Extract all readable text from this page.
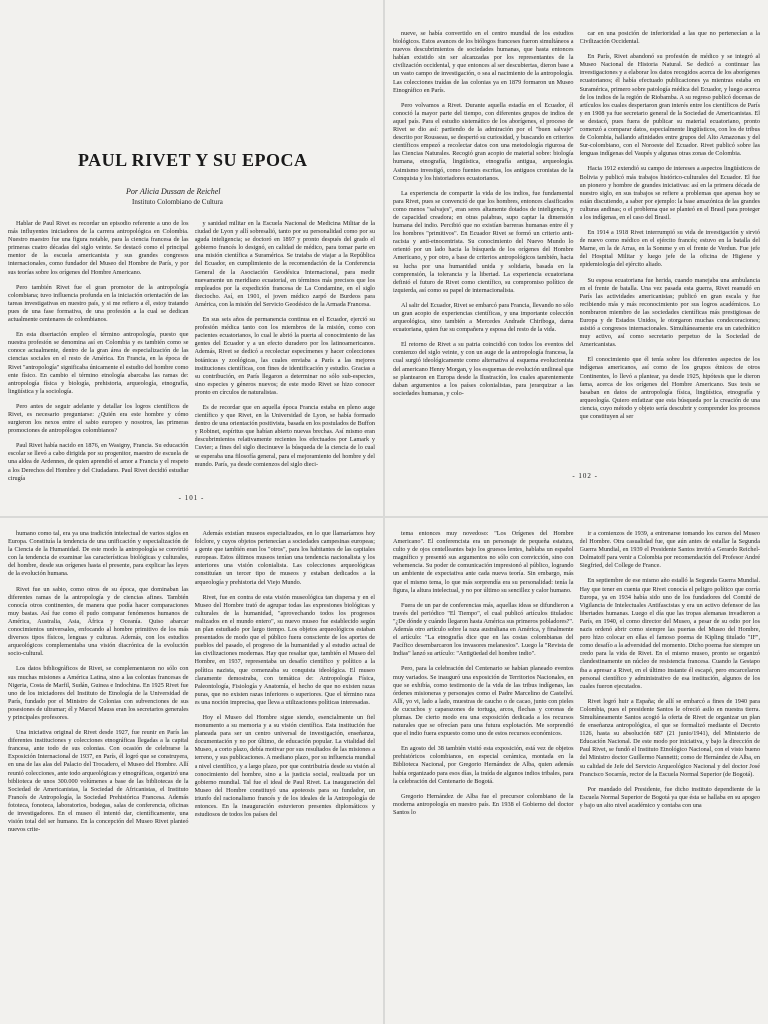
PAUL RIVET Y SU EPOCA
Por Alicia Dussan de Reichel
Instituto Colombiano de Cultura

Hablar de Paul Rivet es recordar un episodio referente a uno de los más influyentes iniciadores de la carrera antropológica en Colombia. Nuestro maestro fue una figura notable, para la ciencia francesa de las primeras cuatro décadas del siglo veinte. Se destacó como el principal mentor de la escuela americanista y sus grandes congresos internacionales, como fundador del Museo del Hombre de París, y por sus teorías sobre los orígenes del Hombre Americano.

Pero también Rivet fue el gran promotor de la antropología colombiana; tuvo influencia profunda en la iniciación orientación de las tareas investigativas en nuestro país, y si me refiero a él, estoy tratando pues de una fase formativa, de una profesión a la cual se dedican actualmente centenares de colombianos.

En esta disertación empleo el término antropología, puesto que nuestra profesión se denomina así en Colombia y es también como se conoce actualmente, dentro de la gran área de especialización de las ciencias sociales en el resto de América. En Francia, en la época de Rivet "antropología" significaba únicamente el estudio del hombre como ente físico. En cambio el término etnología abarcaba las ramas de: antropología física y biología, prehistoria, arqueología, etnografía, lingüística y la sociología.

Pero antes de seguir adelante y detallar los logros científicos de Rivet, es necesario preguntarse: ¿Quién era este hombre y cómo surgieron los nexos entre el sabio europeo y nosotros, las primeras promociones de antropólogos colombianos?

Paul Rivet había nacido en 1876, en Wasigny, Francia. Su educación escolar se llevó a cabo dirigida por su progenitor, maestro de escuela de una aldea de Ardennes, de quien aprendió el amor a Francia y el respeto a los Derechos del Hombre y del Ciudadano. Paul Rivet decidió estudiar cirugía

y sanidad militar en la Escuela Nacional de Medicina Militar de la ciudad de Lyon y allí sobresalió, tanto por su personalidad como por su aguda inteligencia; se doctoró en 1897 y pronto después del grado el gobierno francés lo designó, en calidad de médico, para tomar parte en una misión científica a Suramérica. Se trataba de viajar a la República del Ecuador, en cumplimiento de la recomendación de la Conferencia General de la Asociación Geodésica Internacional, para medir nuevamente un meridiano ecuatorial, en términos más precisos que los empleados por la expedición francesa de La Condamine, en el siglo dieciocho. Así, en 1901, el joven médico zarpó de Burdeos para América, con la misión del Servicio Geodésico de la Armada Francesa.

En sus seis años de permanencia continua en el Ecuador, ejerció su profesión médica tanto con los miembros de la misión, como con pacientes ecuatorianos, lo cual le abrió la puerta al conocimiento de las gentes del Ecuador y a un efecto duradero por los latinoamericanos. Además, Rivet se dedicó a recolectar especímenes y hacer colecciones botánicas y zoológicas, las cuales enviaba a París a las mejores instituciones científicas, con fines de identificación y estudio. Gracias a su contribución, en París llegaron a determinar no sólo sub-especies, sino especies y géneros nuevos; de este modo Rivet se hizo conocer pronto en círculos de naturalistas.

Es de recordar que en aquella época Francia estaba en pleno auge científico y que Rivet, en la Universidad de Lyon, se había formado dentro de una orientación positivista, basada en los postulados de Buffon y Robinet, espíritus que habían abierto nuevas brechas. Así mismo eran descubrimientos relativamente recientes los efectuados por Lamark y Cuvier; a fines del siglo diecinueve la búsqueda de la ciencia de lo cual se esperaba una filosofía general, para el mejoramiento del hombre y del mundo. París, ya desde comienzos del siglo dieci-

- 101 -

nueve, se había convertido en el centro mundial de los estudios biológicos. Estos avances de los biólogos franceses fueron simultáneos a nuevos descubrimientos de sociedades humanas, que hasta entonces habían existido sin ser alcanzadas por los representantes de la civilización occidental, y que entonces al ser descubiertas, dieron base a un vasto campo de investigación, o sea al nacimiento de la antropología. Las colecciones traídas de las colonias ya en 1879 formaron un Museo Etnográfico en París.

Pero volvamos a Rivet. Durante aquella estadía en el Ecuador, él conoció la mayor parte del tiempo, con diferentes grupos de indios de aquel país. Para el estudio sistemático de los aborígenes, el proceso de Rivet se dio así: partiendo de la admiración por el "buen salvaje" descrito por Rousseau, se despertó su curiosidad, y buscando en criterios científicos empezó a recolectar datos con una metodología rigurosa de las Ciencias Naturales. Recogió gran acopio de material sobre: biología humana, etnografía, lingüística, etnografía antigua, arqueología. Asimismo investigó, como fuentes escritas, los antiguos cronistas de la Conquista y los historiadores ecuatorianos.

La experiencia de compartir la vida de los indios, fue fundamental para Rivet, pues se convenció de que los hombres, entonces clasificados como menos "salvajes", eran seres altamente dotados de inteligencia, y de capacidad creadora; en otras palabras, supo captar la dimensión humana del indio. Percibió que no existían barreras humanas entre él y los hombres "primitivos". En Ecuador Rivet se formó un criterio anti-racista y anti-etnocentrista. Su conocimiento del Nuevo Mundo lo orientó por un lado hacia la búsqueda de los orígenes del Hombre Americano, y por otro, a base de criterios antropológicos también, hacia su lucha por una humanidad unida y solidaria, basada en la comprensión, la tolerancia y la libertad. La experiencia ecuatoriana definió el futuro de Rivet como científico, su compromiso político de izquierda, así como su papel de internacionalista.

Al salir del Ecuador, Rivet se embarcó para Francia, llevando no sólo un gran acopio de experiencias científicas, y una importante colección arqueológica, sino también a Mercedes Andrade Chiriboga, dama ecuatoriana, quien fue su compañera y esposa del resto de la vida.

El retorno de Rivet a su patria coincidió con todos los eventos del comienzo del siglo veinte, y con un auge de la antropología francesa, la cual surgió ideológicamente como alternativa al esquema evolucionista del americano Henry Morgan, y los esquemas de evolución unilineal que se plantearon en Europa desde la Ilustración, los cuales aparentemente daban argumentos a los países colonialistas, para jerarquizar a las sociedades humanas, y colo-

car en una posición de inferioridad a las que no pertenecían a la Civilización Occidental.

En París, Rivet abandonó su profesión de médico y se integró al Museo Nacional de Historia Natural. Se dedicó a continuar las investigaciones y a elaborar los datos recogidos acerca de los aborígenes ecuatorianos; él había efectuado publicaciones ya mientras estaba en Suramérica, primero sobre patología médica del Ecuador, y luego acerca de los indios de la región de Riobamba. A su regreso publicó docenas de artículos los cuales despertaron gran interés entre los científicos de París y en 1908 ya fue secretario general de la Sociedad de Americanistas. El se destacó, pues fuera de publicar su material ecuatoriano, pronto comenzó a comparar datos, especialmente lingüísticos, con los de tribus de Colombia, hallando afinidades entre grupos del Alto Amazonas y del Sur-colombiano, con el Noroeste del Ecuador. Rivet publicó sobre las lenguas indígenas del Vaupés y algunas otras zonas de Colombia.

Hacia 1912 extendió su campo de intereses a aspectos lingüísticos de Bolivia y publicó más trabajos histórico-culturales del Ecuador. El fue un pionero y hombre de grandes iniciativas: así en la primera década de nuestro siglo, en sus trabajos se refiere a problemas que apenas hoy se están discutiendo, a saber por ejemplo: la base amazónica de las grandes culturas andinas; o el problema que se planteó en el Brasil para proteger a los indígenas, en el caso del Brasil.

En 1914 a 1918 Rivet interrumpió su vida de investigación y sirvió de nuevo como médico en el ejército francés; estuvo en la batalla del Marne, en la de Arras, en la Somme y en el frente de Verdun. Fue jefe del Hospital Militar y luego jefe de la oficina de Higiene y epidemiología del ejército aliado.

Su esposa ecuatoriana fue herida, cuando manejaba una ambulancia en el frente de batalla. Una vez pasada esta guerra, Rivet reanudó en París las actividades americanistas; publicó en gran escala y fue recibiendo más y más reconocimiento por sus logros académicos. Lo nombraron miembro de las sociedades científicas más prestigiosas de Europa y de Estados Unidos, le otorgaron muchas condecoraciones; asistió a congresos internacionales. Simultáneamente era un catedrático muy activo, así como secretario perpetuo de la Sociedad de Americanistas.

El conocimiento que él tenía sobre los diferentes aspectos de los indígenas americanos, así como de los grupos étnicos de otros Continentes, lo llevó a plantear, ya desde 1925, hipótesis que le dieron fama, acerca de los orígenes del Hombre Americano. Sus tesis se basaban en datos de antropología física, lingüística, etnografía y arqueología. Quiero enfatizar que esta búsqueda por la creación de una ciencia, cuyo método y objeto sería descubrir y comprender los procesos que constituyen al ser

- 102 -

humano como tal, era ya una tradición intelectual de varios siglos en Europa. Constituía la tendencia de una unificación y especialización de la Ciencia de la Humanidad. De este modo la antropología se convirtió con la tendencia de examinar las características biológicas y culturales, del hombre, desde sus orígenes hasta el presente, para explicar las leyes de la evolución humana.

Rivet fue un sabio, como otros de su época, que dominaban las diferentes ramas de la antropología y de ciencias afines. También conocía otros continentes, de manera que podía hacer comparaciones muy bastas. Así fue como él pudo comparar fenómenos humanos de América, Australia, Asia, África y Oceanía. Quiso abarcar conocimientos universales, enfocando al hombre primitivo de los más diversos tipos físicos, lenguas y culturas. Además, con los estudios arqueológicos complementaba una visión diacrónica de la evolución socio-cultural.

Los datos bibliográficos de Rivet, se complementaron no sólo con sus muchas misiones a América Latina, sino a las colonias francesas de Nigeria, Costa de Marfil, Sudán, Guinea e Indochina. En 1925 Rivet fue uno de los iniciadores del Instituto de Etnología de la Universidad de París, fundado por el Ministro de Colonias con subvenciones de sus posesiones de ultramar; él y Marcel Mauss eran los secretarios generales y principales profesores.

Una iniciativa original de Rivet desde 1927, fue reunir en París las diferentes instituciones y colecciones etnográficas llegadas a la capital francesa, ante todo de sus colonias. Con ocasión de celebrarse la Exposición Internacional de 1937, en París, él logró que se construyera, en una de las alas del Palacio del Trocadero, el Museo del Hombre. Allí reunió colecciones, ante todo arqueológicas y etnográficas, organizó una biblioteca de unos 300.000 volúmenes a base de las bibliotecas de la Sociedad de Americanistas, la Sociedad de Africanistas, el Instituto Francés de Antropología, la Sociedad Prehistórica Francesa. Además fototeca, fonoteca, laboratorios, bodegas, salas de conferencia, oficinas de investigadores. En el museo él intentó dar, científicamente, una visión total del ser humano. En la concepción del Museo Rivet planteó nuevos crite-

Además existían museos especializados, en lo que llamaríamos hoy folclore, y cuyos objetos pertenecían a sociedades campesinas europeas; a gente que también eran los "otros", para los habitantes de las capitales europeas. Estos últimos museos tenían una tendencia nacionalista y los anteriores una visión colonialista. Las colecciones arqueológicas constituían un tercer tipo de museos y estaban dedicados a la arqueología y prehistoria del Viejo Mundo.

Rivet, fue en contra de esta visión museológica tan dispersa y en el Museo del Hombre trató de agrupar todas las expresiones biológicas y culturales de la humanidad, "aprovechando todos los progresos realizados en el mundo entero", su nuevo museo fue establecido según un plan estudiado por largo tiempo. Los objetos arqueológicos estaban presentados de modo que el público fuera consciente de los aportes de pueblos del pasado, el progreso de la humanidad y al estudio actual de las civilizaciones modernas. Hay que resaltar que, también el Museo del Hombre, en 1937, representaba un desafío científico y político a la política nazista, que comenzaba su conquista ideológica. El museo claramente demostraba, con temática de: Antropología Física, Paleontología, Fisiología y Anatomía, el hecho de que no existen razas puras, que no existen razas inferiores o superiores. Que el término raza es una noción imprecisa, que lleva a utilizaciones políticas interesadas.

Hoy el Museo del Hombre sigue siendo, esencialmente un fiel monumento a su memoria y a su visión científica. Esta institución fue planeada para ser un centro universal de investigación, enseñanza, documentación y no por último, de educación popular. La vitalidad del Museo, a corto plazo, debía motivar por sus resultados de las misiones a terreno, y sus publicaciones. A mediano plazo, por su influencia mundial a nivel científico, y a largo plazo, por que contribuiría desde su visión al conocimiento del hombre, sino a la justicia social, realizada por un gobierno mundial. Tal fue el ideal de Paul Rivet. La inauguración del Museo del Hombre constituyó una apoteosis para su fundador, un triunfo del racionalismo francés y de los ideales de la Antropología de entonces. En la inauguración estuvieron presentes diplomáticos y estudiosos de todos los países del

tema entonces muy novedoso: "Los Orígenes del Hombre Americano". El conferencista era un personaje de pequeña estatura, culto y de ojos centelleantes bajo los gruesos lentes, hablaba un español magnífico y presentó sus argumentos no sólo con convicción, sino con vehemencia. Su poder de comunicación impresionó al público, logrando un ambiente de expectativa ante cada nueva teoría. Sin embargo, más que el mismo tema, lo que más sorprendía era su personalidad: tenía la figura, la altura intelectual, y no por último su sencillez y calor humano.

Fuera de un par de conferencias más, aquellas ideas se difundieron a través del periódico "El Tiempo", el cual publicó artículos titulados: "¿De dónde y cuándo llegaron hasta América sus primeros pobladores?". Además otro artículo sobre la raza australiana en América, y finalmente el artículo: "La etnografía dice que en las costas colombianas del Pacífico desembarcaron los invasores melanesios". Luego la "Revista de Indias" lanzó su artículo: "Antigüedad del hombre indio".

Pero, para la celebración del Centenario se habían planeado eventos muy variados. Se inauguró una exposición de Territorios Nacionales, en que se exhibía, como testimonio de la vida de las tribus indígenas, las órdenes misioneras y personajes como el Padre Marcelino de Castellví. Allí, yo vi, lado a lado, muestras de caucho o de cacao, junto con pieles de cucuchos y caparazones de tortuga, arcos, flechas y coronas de plumas. De cierto modo era una exposición dedicada a los recursos naturales que se ofrecían para una futura explotación. Me sorprendió que el indio fuera expuesto como uno de estos recursos económicos.

En agosto del 38 también visitó esta exposición, está vez de objetos prehistóricos colombianos, en especial cerámica, montada en la Biblioteca Nacional, por Gregorio Hernández de Alba, quien además había organizado para esos días, la traída de algunos indios tribales, para la celebración del Centenario de Bogotá.

Gregorio Hernández de Alba fue el precursor colombiano de la moderna antropología en nuestro país. En 1938 el Gobierno del doctor Santos lo

ir a comienzos de 1939, a entrenarse tomando los cursos del Museo del Hombre. Otra casualidad fue, que aún antes de estallar la Segunda Guerra Mundial, en 1939 el Presidente Santos invitó a Gerardo Reichel-Dolmatoff para venir a Colombia por recomendación del Profesor André Siegfried, del College de France.

En septiembre de ese mismo año estalló la Segunda Guerra Mundial. Hay que tener en cuenta que Rivet conocía el peligro político que corría Europa, ya en 1934 había sido uno de los fundadores del Comité de Vigilancia de Intelectuales Antifascistas y era un activo defensor de las libertades humanas. Luego el día que las tropas alemanas invadieron a París, en 1940, el como director del Museo, a pesar de su odio por los nazis ordenó abrir como siempre las puertas del Museo del Hombre, pero hizo colocar en ellas el famoso poema de Kipling titulado "IF", como desafío a la adversidad del momento. Dicho poema fue siempre un credo para la vida de Rivet. En el mismo museo, pronto se organizó clandestinamente un núcleo de resistencia francesa. Cuando la Gestapo iba a apresar a Rivet, en el último instante él escapó, pero encarcelaron personal científico y administrativo de esa institución, algunos de los cuales fueron ejecutados.

Rivet logró huir a España; de allí se embarcó a fines de 1940 para Colombia, pues el presidente Santos le ofreció asilo en nuestra tierra. Simultáneamente Santos acogió la oferta de Rivet de organizar un plan de enseñanza antropológica, el que se formalizó mediante el Decreto 1126, hasta su absolución 687 (21 junio/1941), del Ministerio de Educación Nacional. De este modo por iniciativa, y bajo la dirección de Paul Rivet, se fundó el Instituto Etnológico Nacional, con el visto bueno del Ministro doctor Guillermo Nannetti; como de Hernández de Alba, en su calidad de Jefe del Servicio Arqueológico Nacional y del doctor José Francisco Socarrás, rector de la Escuela Normal Superior (de Bogotá).

Por mandado del Presidente, fue dicho instituto dependiente de la Escuela Normal Superior de Bogotá ya que ésta se hallaba en su apogeo y bajo un alto nivel académico y contaba con una
